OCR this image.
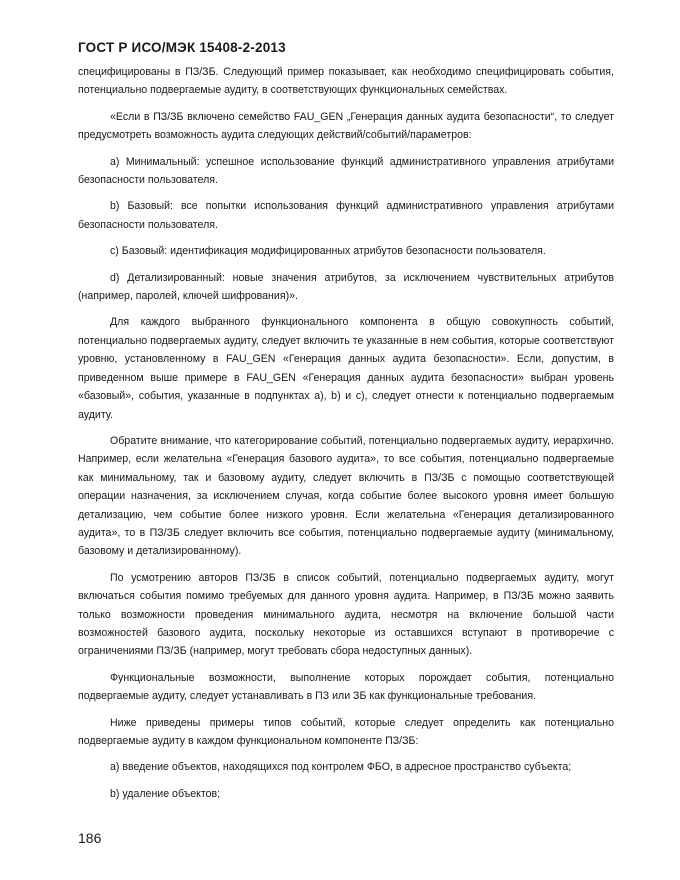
ГОСТ Р ИСО/МЭК 15408-2-2013

специфицированы в ПЗ/ЗБ. Следующий пример показывает, как необходимо специфицировать события, потенциально подвергаемые аудиту, в соответствующих функциональных семействах.

«Если в ПЗ/ЗБ включено семейство FAU_GEN „Генерация данных аудита безопасности“, то следует предусмотреть возможность аудита следующих действий/событий/параметров:

a) Минимальный: успешное использование функций административного управления атрибутами безопасности пользователя.

b) Базовый: все попытки использования функций административного управления атрибутами безопасности пользователя.

c) Базовый: идентификация модифицированных атрибутов безопасности пользователя.

d) Детализированный: новые значения атрибутов, за исключением чувствительных атрибутов (например, паролей, ключей шифрования)».

Для каждого выбранного функционального компонента в общую совокупность событий, потенциально подвергаемых аудиту, следует включить те указанные в нем события, которые соответствуют уровню, установленному в FAU_GEN «Генерация данных аудита безопасности». Если, допустим, в приведенном выше примере в FAU_GEN «Генерация данных аудита безопасности» выбран уровень «базовый», события, указанные в подпунктах a), b) и c), следует отнести к потенциально подвергаемым аудиту.

Обратите внимание, что категорирование событий, потенциально подвергаемых аудиту, иерархично. Например, если желательна «Генерация базового аудита», то все события, потенциально подвергаемые как минимальному, так и базовому аудиту, следует включить в ПЗ/ЗБ с помощью соответствующей операции назначения, за исключением случая, когда событие более высокого уровня имеет большую детализацию, чем событие более низкого уровня. Если желательна «Генерация детализированного аудита», то в ПЗ/ЗБ следует включить все события, потенциально подвергаемые аудиту (минимальному, базовому и детализированному).

По усмотрению авторов ПЗ/ЗБ в список событий, потенциально подвергаемых аудиту, могут включаться события помимо требуемых для данного уровня аудита. Например, в ПЗ/ЗБ можно заявить только возможности проведения минимального аудита, несмотря на включение большой части возможностей базового аудита, поскольку некоторые из оставшихся вступают в противоречие с ограничениями ПЗ/ЗБ (например, могут требовать сбора недоступных данных).

Функциональные возможности, выполнение которых порождает события, потенциально подвергаемые аудиту, следует устанавливать в ПЗ или ЗБ как функциональные требования.

Ниже приведены примеры типов событий, которые следует определить как потенциально подвергаемые аудиту в каждом функциональном компоненте ПЗ/ЗБ:

a) введение объектов, находящихся под контролем ФБО, в адресное пространство субъекта;

b) удаление объектов;

186
